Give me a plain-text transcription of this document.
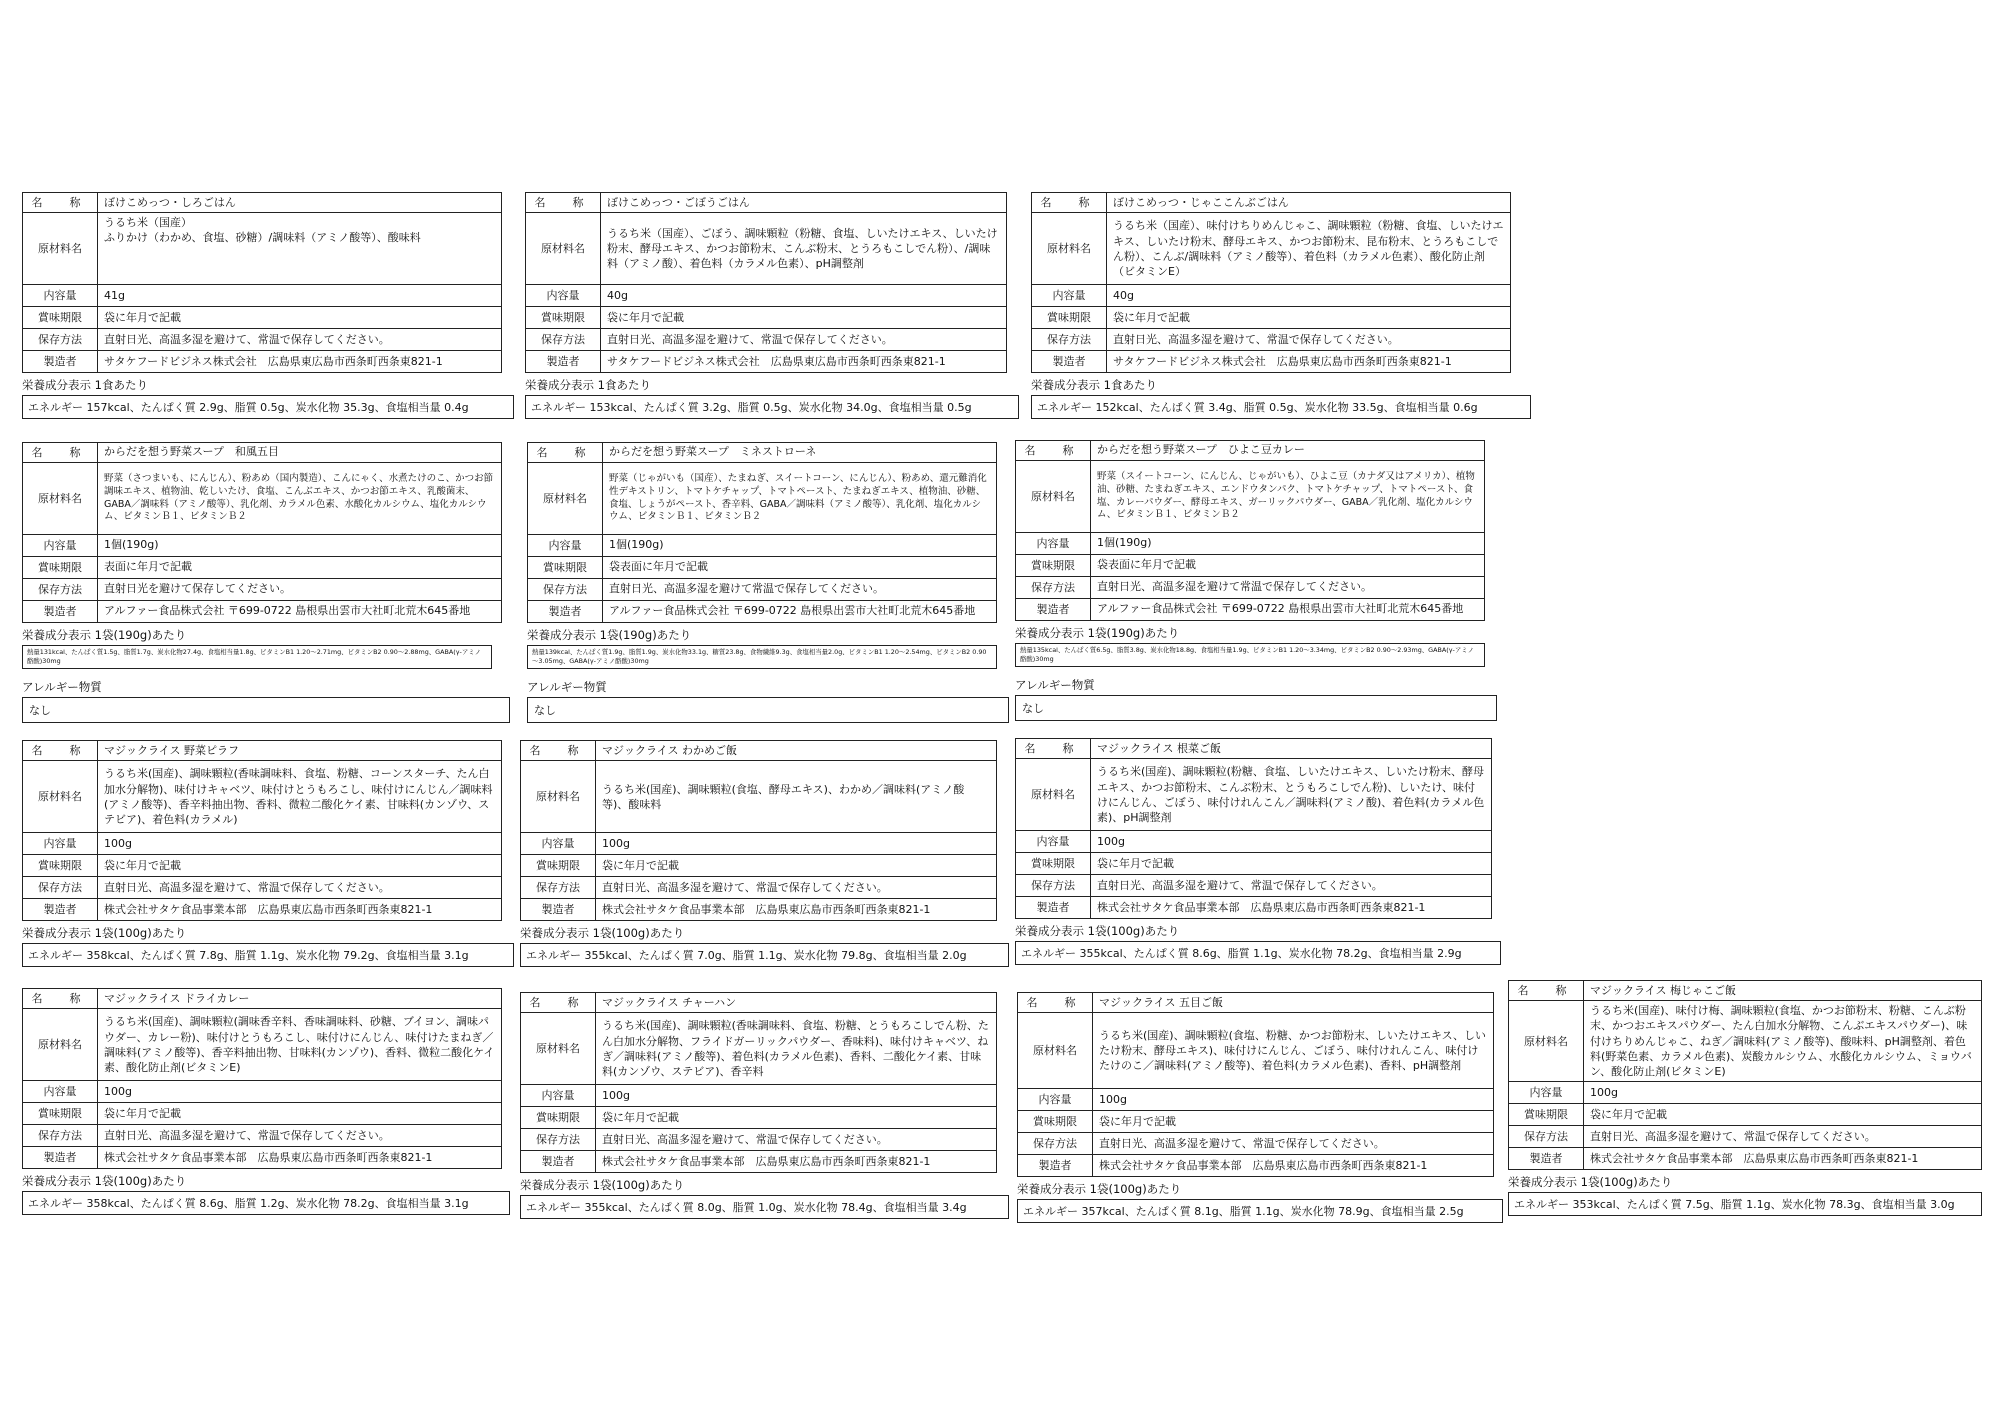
名　称	ぼけこめっつ・しろごはん
原材料名	うるち米（国産）
ふりかけ（わかめ、食塩、砂糖）/調味料（アミノ酸等）、酸味料
内容量	41g
賞味期限	袋に年月で記載
保存方法	直射日光、高温多湿を避けて、常温で保存してください。
製造者	サタケフードビジネス株式会社　広島県東広島市西条町西条東821-1
栄養成分表示 1食あたり
エネルギー 157kcal、たんぱく質 2.9g、脂質 0.5g、炭水化物 35.3g、食塩相当量 0.4g
名　称	ぼけこめっつ・ごぼうごはん
原材料名	うるち米（国産）、ごぼう、調味顆粒（粉糖、食塩、しいたけエキス、しいたけ粉末、酵母エキス、かつお節粉末、こんぶ粉末、とうろもこしでん粉）、/調味料（アミノ酸）、着色料（カラメル色素）、pH調整剤
内容量	40g
賞味期限	袋に年月で記載
保存方法	直射日光、高温多湿を避けて、常温で保存してください。
製造者	サタケフードビジネス株式会社　広島県東広島市西条町西条東821-1
栄養成分表示 1食あたり
エネルギー 153kcal、たんぱく質 3.2g、脂質 0.5g、炭水化物 34.0g、食塩相当量 0.5g
名　称	ぼけこめっつ・じゃここんぶごはん
原材料名	うるち米（国産）、味付けちりめんじゃこ、調味顆粒（粉糖、食塩、しいたけエキス、しいたけ粉末、酵母エキス、かつお節粉末、昆布粉末、とうろもこしでん粉）、こんぶ/調味料（アミノ酸等）、着色料（カラメル色素）、酸化防止剤（ビタミンE）
内容量	40g
賞味期限	袋に年月で記載
保存方法	直射日光、高温多湿を避けて、常温で保存してください。
製造者	サタケフードビジネス株式会社　広島県東広島市西条町西条東821-1
栄養成分表示 1食あたり
エネルギー 152kcal、たんぱく質 3.4g、脂質 0.5g、炭水化物 33.5g、食塩相当量 0.6g
名　称	からだを想う野菜スープ　和風五目
原材料名	野菜（さつまいも、にんじん）、粉あめ（国内製造）、こんにゃく、水煮たけのこ、かつお節調味エキス、植物油、乾しいたけ、食塩、こんぶエキス、かつお節エキス、乳酸菌末、GABA／調味料（アミノ酸等）、乳化剤、カラメル色素、水酸化カルシウム、塩化カルシウム、ビタミンＢ１、ビタミンＢ２
内容量	1個(190g)
賞味期限	表面に年月で記載
保存方法	直射日光を避けて保存してください。
製造者	アルファー食品株式会社 〒699-0722 島根県出雲市大社町北荒木645番地
栄養成分表示 1袋(190g)あたり
熱量131kcal、たんぱく質1.5g、脂質1.7g、炭水化物27.4g、食塩相当量1.8g、ビタミンB1 1.20～2.71mg、ビタミンB2 0.90～2.88mg、GABA(γ-アミノ酪酸)30mg
アレルギー物質
なし
名　称	からだを想う野菜スープ　ミネストローネ
原材料名	野菜（じゃがいも（国産）、たまねぎ、スイートコーン、にんじん）、粉あめ、還元難消化性デキストリン、トマトケチャップ、トマトペースト、たまねぎエキス、植物油、砂糖、食塩、しょうがペースト、香辛料、GABA／調味料（アミノ酸等）、乳化剤、塩化カルシウム、ビタミンＢ１、ビタミンＢ２
内容量	1個(190g)
賞味期限	袋表面に年月で記載
保存方法	直射日光、高温多湿を避けて常温で保存してください。
製造者	アルファー食品株式会社 〒699-0722 島根県出雲市大社町北荒木645番地
栄養成分表示 1袋(190g)あたり
熱量139kcal、たんぱく質1.9g、脂質1.9g、炭水化物33.1g、糖質23.8g、食物繊維9.3g、食塩相当量2.0g、ビタミンB1 1.20～2.54mg、ビタミンB2 0.90～3.05mg、GABA(γ-アミノ酪酸)30mg
アレルギー物質
なし
名　称	からだを想う野菜スープ　ひよこ豆カレー
原材料名	野菜（スイートコーン、にんじん、じゃがいも）、ひよこ豆（カナダ又はアメリカ）、植物油、砂糖、たまねぎエキス、エンドウタンパク、トマトケチャップ、トマトペースト、食塩、カレーパウダー、酵母エキス、ガーリックパウダー、GABA／乳化剤、塩化カルシウム、ビタミンＢ１、ビタミンＢ２
内容量	1個(190g)
賞味期限	袋表面に年月で記載
保存方法	直射日光、高温多湿を避けて常温で保存してください。
製造者	アルファー食品株式会社 〒699-0722 島根県出雲市大社町北荒木645番地
栄養成分表示 1袋(190g)あたり
熱量135kcal、たんぱく質6.5g、脂質3.8g、炭水化物18.8g、食塩相当量1.9g、ビタミンB1 1.20～3.34mg、ビタミンB2 0.90～2.93mg、GABA(γ-アミノ酪酸)30mg
アレルギー物質
なし
名　称	マジックライス 野菜ピラフ
原材料名	うるち米(国産)、調味顆粒(香味調味料、食塩、粉糖、コーンスターチ、たん白加水分解物)、味付けキャベツ、味付けとうもろこし、味付けにんじん／調味料(アミノ酸等)、香辛料抽出物、香料、微粒二酸化ケイ素、甘味料(カンゾウ、ステビア)、着色料(カラメル)
内容量	100g
賞味期限	袋に年月で記載
保存方法	直射日光、高温多湿を避けて、常温で保存してください。
製造者	株式会社サタケ食品事業本部　広島県東広島市西条町西条東821-1
栄養成分表示 1袋(100g)あたり
エネルギー 358kcal、たんぱく質 7.8g、脂質 1.1g、炭水化物 79.2g、食塩相当量 3.1g
名　称	マジックライス わかめご飯
原材料名	うるち米(国産)、調味顆粒(食塩、酵母エキス)、わかめ／調味料(アミノ酸等)、酸味料
内容量	100g
賞味期限	袋に年月で記載
保存方法	直射日光、高温多湿を避けて、常温で保存してください。
製造者	株式会社サタケ食品事業本部　広島県東広島市西条町西条東821-1
栄養成分表示 1袋(100g)あたり
エネルギー 355kcal、たんぱく質 7.0g、脂質 1.1g、炭水化物 79.8g、食塩相当量 2.0g
名　称	マジックライス 根菜ご飯
原材料名	うるち米(国産)、調味顆粒(粉糖、食塩、しいたけエキス、しいたけ粉末、酵母エキス、かつお節粉末、こんぶ粉末、とうもろこしでん粉)、しいたけ、味付けにんじん、ごぼう、味付けれんこん／調味料(アミノ酸)、着色料(カラメル色素)、pH調整剤
内容量	100g
賞味期限	袋に年月で記載
保存方法	直射日光、高温多湿を避けて、常温で保存してください。
製造者	株式会社サタケ食品事業本部　広島県東広島市西条町西条東821-1
栄養成分表示 1袋(100g)あたり
エネルギー 355kcal、たんぱく質 8.6g、脂質 1.1g、炭水化物 78.2g、食塩相当量 2.9g
名　称	マジックライス ドライカレー
原材料名	うるち米(国産)、調味顆粒(調味香辛料、香味調味料、砂糖、ブイヨン、調味パウダー、カレー粉)、味付けとうもろこし、味付けにんじん、味付けたまねぎ／調味料(アミノ酸等)、香辛料抽出物、甘味料(カンゾウ)、香料、微粒二酸化ケイ素、酸化防止剤(ビタミンE)
内容量	100g
賞味期限	袋に年月で記載
保存方法	直射日光、高温多湿を避けて、常温で保存してください。
製造者	株式会社サタケ食品事業本部　広島県東広島市西条町西条東821-1
栄養成分表示 1袋(100g)あたり
エネルギー 358kcal、たんぱく質 8.6g、脂質 1.2g、炭水化物 78.2g、食塩相当量 3.1g
名　称	マジックライス チャーハン
原材料名	うるち米(国産)、調味顆粒(香味調味料、食塩、粉糖、とうもろこしでん粉、たん白加水分解物、フライドガーリックパウダー、香味料)、味付けキャベツ、ねぎ／調味料(アミノ酸等)、着色料(カラメル色素)、香料、二酸化ケイ素、甘味料(カンゾウ、ステビア)、香辛料
内容量	100g
賞味期限	袋に年月で記載
保存方法	直射日光、高温多湿を避けて、常温で保存してください。
製造者	株式会社サタケ食品事業本部　広島県東広島市西条町西条東821-1
栄養成分表示 1袋(100g)あたり
エネルギー 355kcal、たんぱく質 8.0g、脂質 1.0g、炭水化物 78.4g、食塩相当量 3.4g
名　称	マジックライス 五目ご飯
原材料名	うるち米(国産)、調味顆粒(食塩、粉糖、かつお節粉末、しいたけエキス、しいたけ粉末、酵母エキス)、味付けにんじん、ごぼう、味付けれんこん、味付けたけのこ／調味料(アミノ酸等)、着色料(カラメル色素)、香料、pH調整剤
内容量	100g
賞味期限	袋に年月で記載
保存方法	直射日光、高温多湿を避けて、常温で保存してください。
製造者	株式会社サタケ食品事業本部　広島県東広島市西条町西条東821-1
栄養成分表示 1袋(100g)あたり
エネルギー 357kcal、たんぱく質 8.1g、脂質 1.1g、炭水化物 78.9g、食塩相当量 2.5g
名　称	マジックライス 梅じゃこご飯
原材料名	うるち米(国産)、味付け梅、調味顆粒(食塩、かつお節粉末、粉糖、こんぶ粉末、かつおエキスパウダー、たん白加水分解物、こんぶエキスパウダー)、味付けちりめんじゃこ、ねぎ／調味料(アミノ酸等)、酸味料、pH調整剤、着色料(野菜色素、カラメル色素)、炭酸カルシウム、水酸化カルシウム、ミョウバン、酸化防止剤(ビタミンE)
内容量	100g
賞味期限	袋に年月で記載
保存方法	直射日光、高温多湿を避けて、常温で保存してください。
製造者	株式会社サタケ食品事業本部　広島県東広島市西条町西条東821-1
栄養成分表示 1袋(100g)あたり
エネルギー 353kcal、たんぱく質 7.5g、脂質 1.1g、炭水化物 78.3g、食塩相当量 3.0g
